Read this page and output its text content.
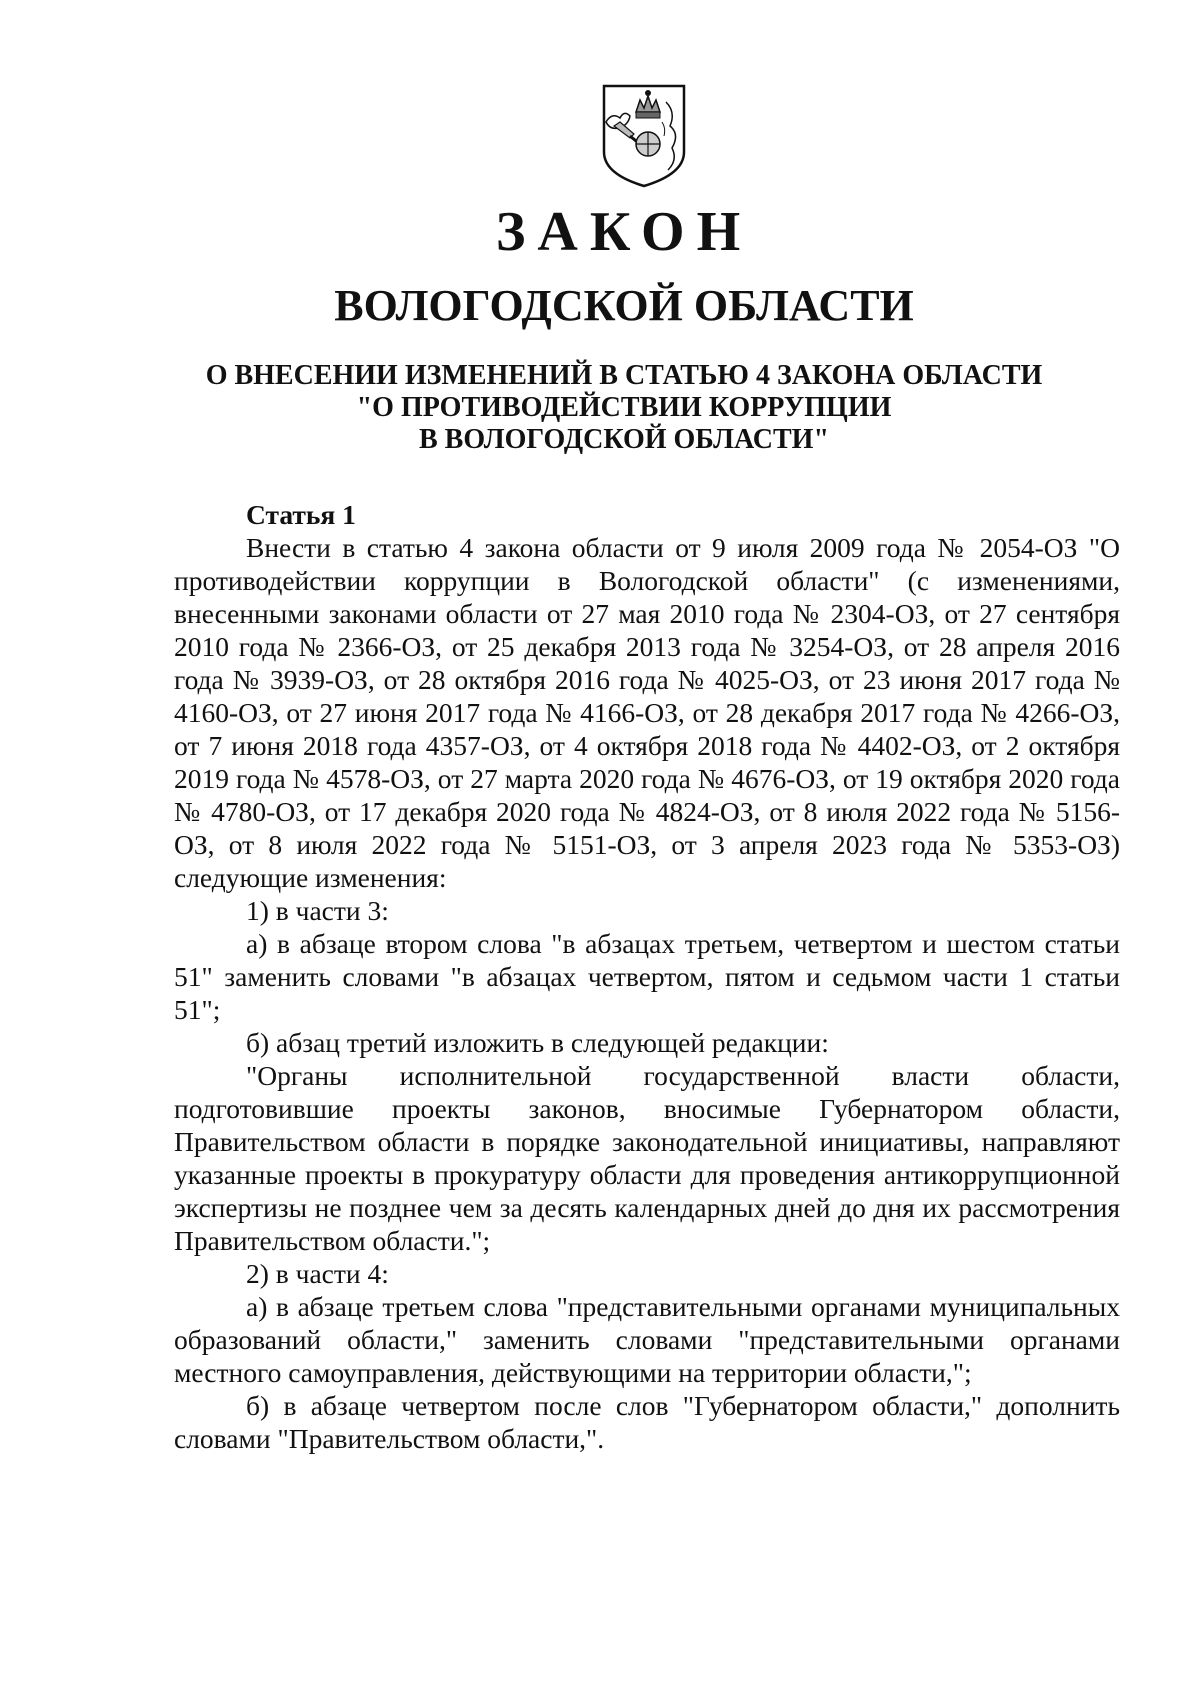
ЗАКОН
ВОЛОГОДСКОЙ ОБЛАСТИ
О ВНЕСЕНИИ ИЗМЕНЕНИЙ В СТАТЬЮ 4 ЗАКОНА ОБЛАСТИ
"О ПРОТИВОДЕЙСТВИИ КОРРУПЦИИ
В ВОЛОГОДСКОЙ ОБЛАСТИ"

Статья 1

Внести в статью 4 закона области от 9 июля 2009 года № 2054-ОЗ "О противодействии коррупции в Вологодской области" (с изменениями, внесенными законами области от 27 мая 2010 года № 2304-ОЗ, от 27 сентября 2010 года № 2366-ОЗ, от 25 декабря 2013 года № 3254-ОЗ, от 28 апреля 2016 года № 3939-ОЗ, от 28 октября 2016 года № 4025-ОЗ, от 23 июня 2017 года № 4160-ОЗ, от 27 июня 2017 года № 4166-ОЗ, от 28 декабря 2017 года № 4266-ОЗ, от 7 июня 2018 года 4357-ОЗ, от 4 октября 2018 года № 4402-ОЗ, от 2 октября 2019 года № 4578-ОЗ, от 27 марта 2020 года № 4676-ОЗ, от 19 октября 2020 года № 4780-ОЗ, от 17 декабря 2020 года № 4824-ОЗ, от 8 июля 2022 года № 5156-ОЗ, от 8 июля 2022 года № 5151-ОЗ, от 3 апреля 2023 года № 5353-ОЗ) следующие изменения:

1) в части 3:

а) в абзаце втором слова "в абзацах третьем, четвертом и шестом статьи 51" заменить словами "в абзацах четвертом, пятом и седьмом части 1 статьи 51";

б) абзац третий изложить в следующей редакции:

"Органы исполнительной государственной власти области, подготовившие проекты законов, вносимые Губернатором области, Правительством области в порядке законодательной инициативы, направляют указанные проекты в прокуратуру области для проведения антикоррупционной экспертизы не позднее чем за десять календарных дней до дня их рассмотрения Правительством области.";

2) в части 4:

а) в абзаце третьем слова "представительными органами муниципальных образований области," заменить словами "представительными органами местного самоуправления, действующими на территории области,";

б) в абзаце четвертом после слов "Губернатором области," дополнить словами "Правительством области,".
